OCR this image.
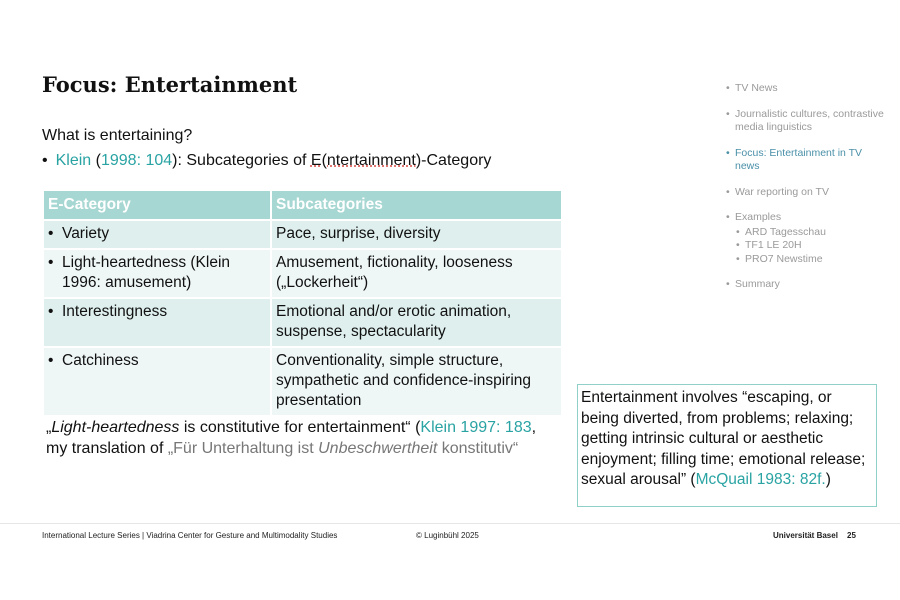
Focus: Entertainment
What is entertaining?
• Klein (1998: 104): Subcategories of E(ntertainment)-Category
E-Category	Subcategories

• Variety	Pace, surprise, diversity

• Light-heartedness (Klein 1996: amusement)	Amusement, fictionality, looseness („Lockerheit“)

• Interestingness	Emotional and/or erotic animation, suspense, spectacularity

• Catchiness	Conventionality, simple structure, sympathetic and confidence-inspiring presentation
„Light-heartedness is constitutive for entertainment“ (Klein 1997: 183, my translation of „Für Unterhaltung ist Unbeschwertheit konstitutiv“
• TV News
• Journalistic cultures, contrastive media linguistics
• Focus: Entertainment in TV news
• War reporting on TV
• Examples
• ARD Tagesschau
• TF1 LE 20H
• PRO7 Newstime
• Summary
Entertainment involves “escaping, or being diverted, from problems; relaxing; getting intrinsic cultural or aesthetic enjoyment; filling time; emotional release; sexual arousal” (McQuail 1983: 82f.)
International Lecture Series | Viadrina Center for Gesture and Multimodality Studies	© Luginbühl 2025	Universität Basel 25
